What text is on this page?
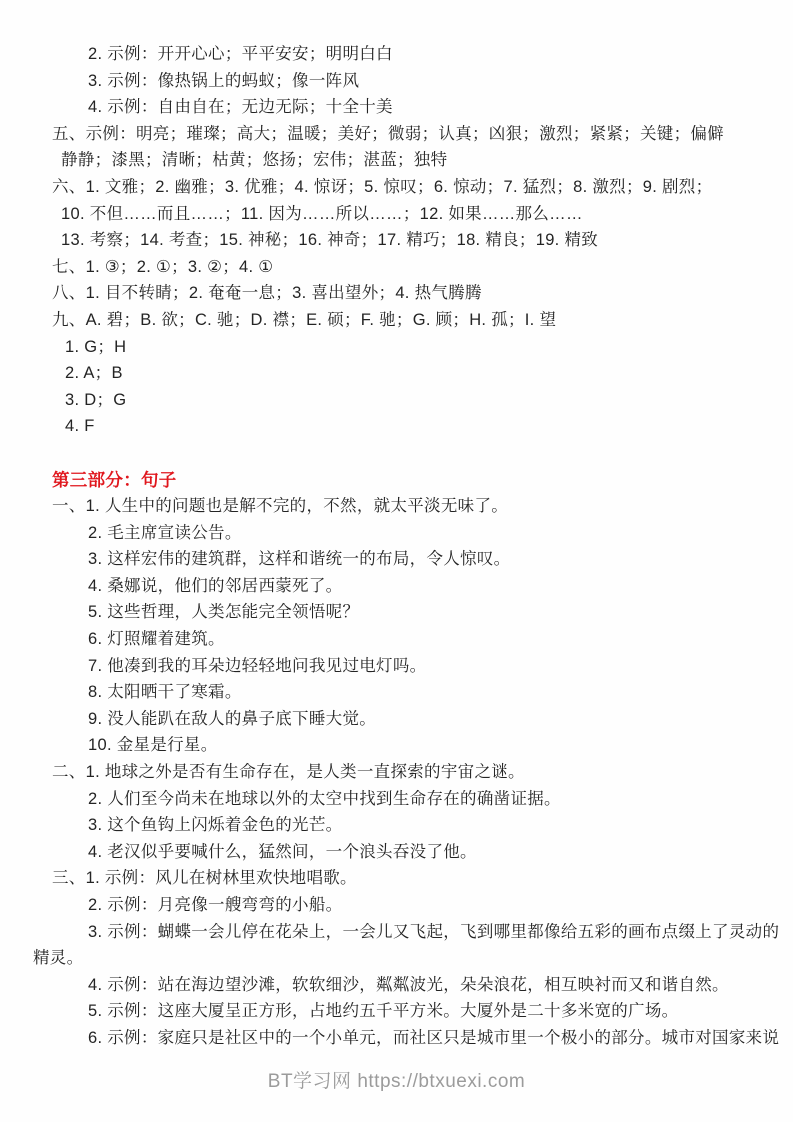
2. 示例：开开心心；平平安安；明明白白
3. 示例：像热锅上的蚂蚁；像一阵风
4. 示例：自由自在；无边无际；十全十美
五、示例：明亮；璀璨；高大；温暖；美好；微弱；认真；凶狠；激烈；紧紧；关键；偏僻
静静；漆黑；清晰；枯黄；悠扬；宏伟；湛蓝；独特
六、1. 文雅；2. 幽雅；3. 优雅；4. 惊讶；5. 惊叹；6. 惊动；7. 猛烈；8. 激烈；9. 剧烈；
10. 不但……而且……；11. 因为……所以……；12. 如果……那么……
13. 考察；14. 考查；15. 神秘；16. 神奇；17. 精巧；18. 精良；19. 精致
七、1. ③；2. ①；3. ②；4. ①
八、1. 目不转睛；2. 奄奄一息；3. 喜出望外；4. 热气腾腾
九、A. 碧；B. 欲；C. 驰；D. 襟；E. 硕；F. 驰；G. 顾；H. 孤；I. 望
1. G；H
2. A；B
3. D；G
4. F
第三部分：句子
一、1. 人生中的问题也是解不完的，不然，就太平淡无味了。
2. 毛主席宣读公告。
3. 这样宏伟的建筑群，这样和谐统一的布局，令人惊叹。
4. 桑娜说，他们的邻居西蒙死了。
5. 这些哲理，人类怎能完全领悟呢？
6. 灯照耀着建筑。
7. 他凑到我的耳朵边轻轻地问我见过电灯吗。
8. 太阳晒干了寒霜。
9. 没人能趴在敌人的鼻子底下睡大觉。
10. 金星是行星。
二、1. 地球之外是否有生命存在，是人类一直探索的宇宙之谜。
2. 人们至今尚未在地球以外的太空中找到生命存在的确凿证据。
3. 这个鱼钩上闪烁着金色的光芒。
4. 老汉似乎要喊什么，猛然间，一个浪头吞没了他。
三、1. 示例：风儿在树林里欢快地唱歌。
2. 示例：月亮像一艘弯弯的小船。
3. 示例：蝴蝶一会儿停在花朵上，一会儿又飞起，飞到哪里都像给五彩的画布点缀上了灵动的
精灵。
4. 示例：站在海边望沙滩，软软细沙，粼粼波光，朵朵浪花，相互映衬而又和谐自然。
5. 示例：这座大厦呈正方形，占地约五千平方米。大厦外是二十多米宽的广场。
6. 示例：家庭只是社区中的一个小单元，而社区只是城市里一个极小的部分。城市对国家来说
BT学习网 https://btxuexi.com
